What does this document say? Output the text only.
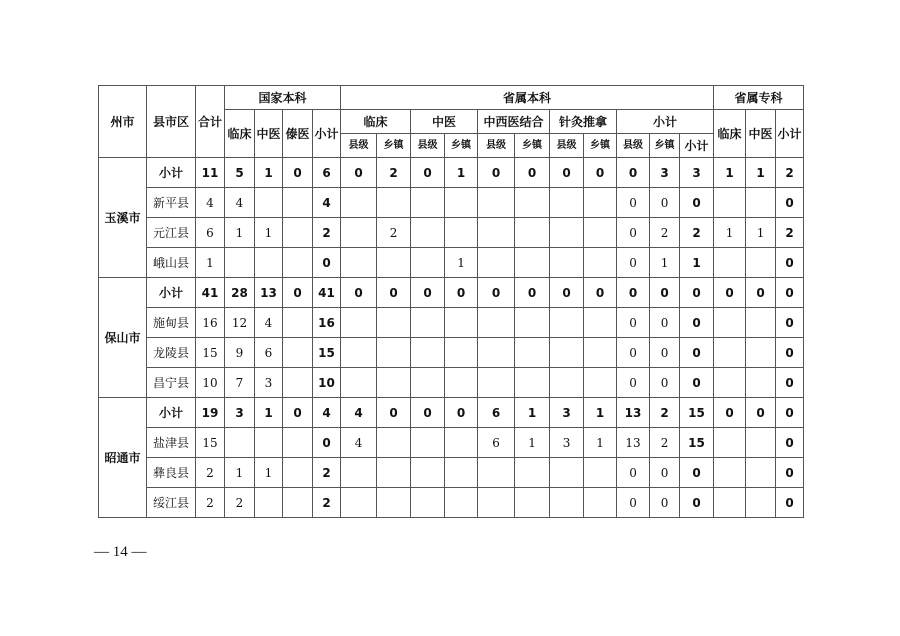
州市	县市区	合计	国家本科				省属本科											省属专科		
			临床	中医	傣医	小计	临床		中医		中西医结合		针灸推拿		小计			临床	中医	小计
							县级	乡镇	县级	乡镇	县级	乡镇	县级	乡镇	县级	乡镇	小计			
玉溪市	小计	11	5	1	0	6	0	2	0	1	0	0	0	0	0	3	3	1	1	2
	新平县	4	4			4									0	0	0			0
	元江县	6	1	1		2		2							0	2	2	1	1	2
	峨山县	1				0				1					0	1	1			0
保山市	小计	41	28	13	0	41	0	0	0	0	0	0	0	0	0	0	0	0	0	0
	施甸县	16	12	4		16									0	0	0			0
	龙陵县	15	9	6		15									0	0	0			0
	昌宁县	10	7	3		10									0	0	0			0
昭通市	小计	19	3	1	0	4	4	0	0	0	6	1	3	1	13	2	15	0	0	0
	盐津县	15				0	4				6	1	3	1	13	2	15			0
	彝良县	2	1	1		2									0	0	0			0
	绥江县	2	2			2									0	0	0			0
— 14 —
